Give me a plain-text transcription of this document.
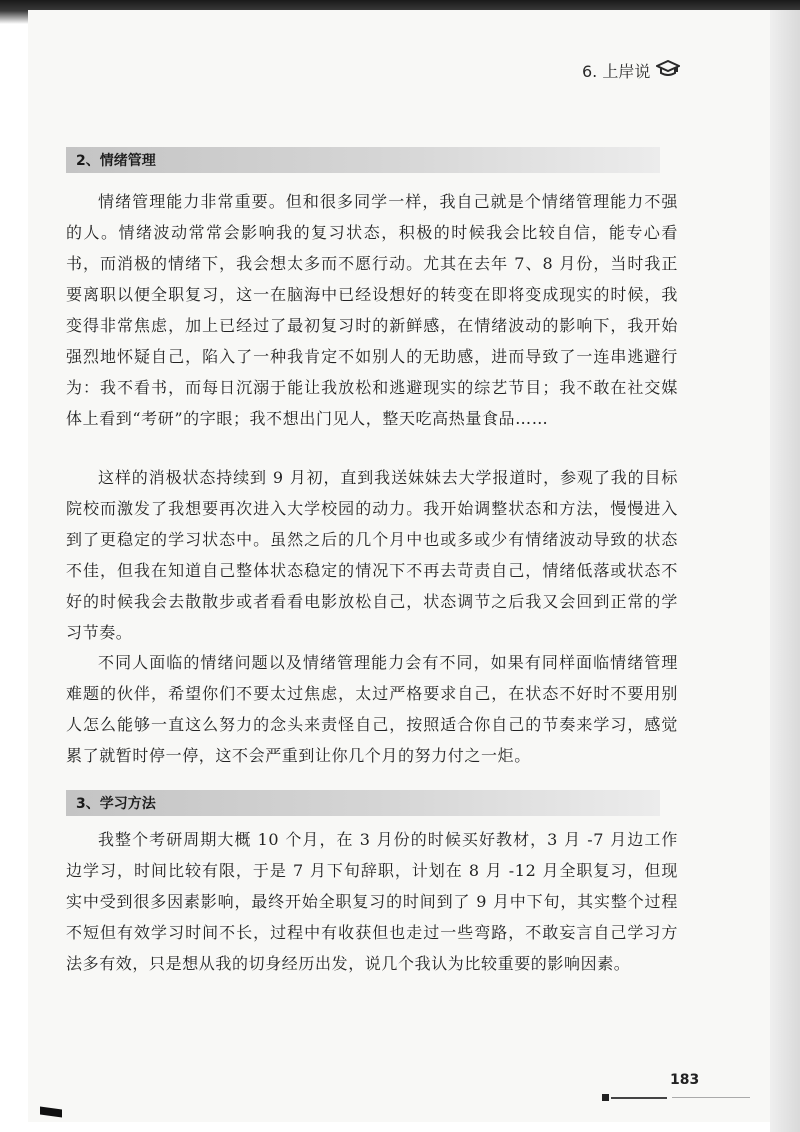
6. 上岸说
2、情绪管理

情绪管理能力非常重要。但和很多同学一样，我自己就是个情绪管理能力不强的人。情绪波动常常会影响我的复习状态，积极的时候我会比较自信，能专心看书，而消极的情绪下，我会想太多而不愿行动。尤其在去年 7、8 月份，当时我正要离职以便全职复习，这一在脑海中已经设想好的转变在即将变成现实的时候，我变得非常焦虑，加上已经过了最初复习时的新鲜感，在情绪波动的影响下，我开始强烈地怀疑自己，陷入了一种我肯定不如别人的无助感，进而导致了一连串逃避行为：我不看书，而每日沉溺于能让我放松和逃避现实的综艺节目；我不敢在社交媒体上看到“考研”的字眼；我不想出门见人，整天吃高热量食品……

这样的消极状态持续到 9 月初，直到我送妹妹去大学报道时，参观了我的目标院校而激发了我想要再次进入大学校园的动力。我开始调整状态和方法，慢慢进入到了更稳定的学习状态中。虽然之后的几个月中也或多或少有情绪波动导致的状态不佳，但我在知道自己整体状态稳定的情况下不再去苛责自己，情绪低落或状态不好的时候我会去散散步或者看看电影放松自己，状态调节之后我又会回到正常的学习节奏。

不同人面临的情绪问题以及情绪管理能力会有不同，如果有同样面临情绪管理难题的伙伴，希望你们不要太过焦虑，太过严格要求自己，在状态不好时不要用别人怎么能够一直这么努力的念头来责怪自己，按照适合你自己的节奏来学习，感觉累了就暂时停一停，这不会严重到让你几个月的努力付之一炬。

3、学习方法

我整个考研周期大概 10 个月，在 3 月份的时候买好教材，3 月 -7 月边工作边学习，时间比较有限，于是 7 月下旬辞职，计划在 8 月 -12 月全职复习，但现实中受到很多因素影响，最终开始全职复习的时间到了 9 月中下旬，其实整个过程不短但有效学习时间不长，过程中有收获但也走过一些弯路，不敢妄言自己学习方法多有效，只是想从我的切身经历出发，说几个我认为比较重要的影响因素。

183
